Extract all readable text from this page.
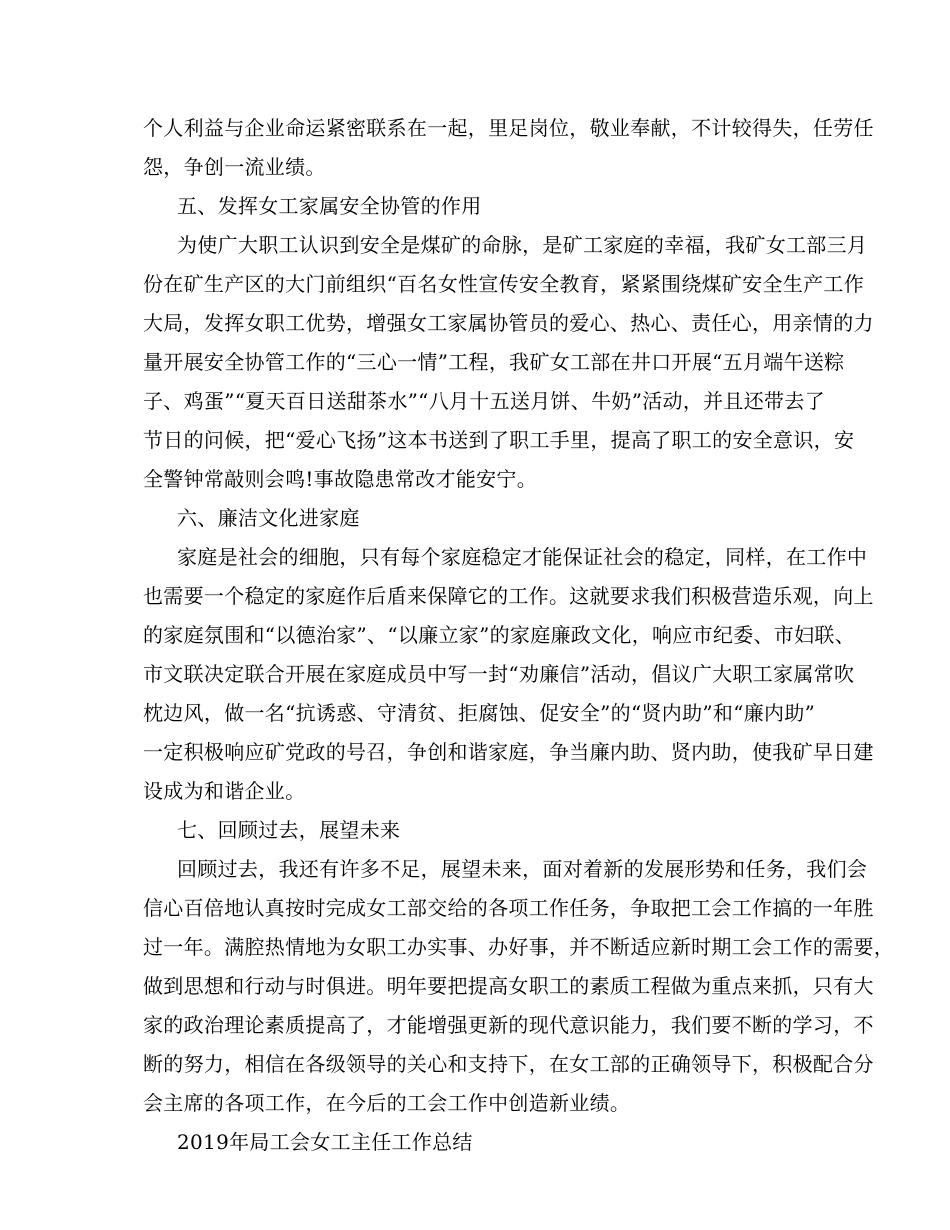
个人利益与企业命运紧密联系在一起，里足岗位，敬业奉献，不计较得失，任劳任
怨，争创一流业绩。
五、发挥女工家属安全协管的作用
为使广大职工认识到安全是煤矿的命脉，是矿工家庭的幸福，我矿女工部三月
份在矿生产区的大门前组织“百名女性宣传安全教育，紧紧围绕煤矿安全生产工作
大局，发挥女职工优势，增强女工家属协管员的爱心、热心、责任心，用亲情的力
量开展安全协管工作的“三心一情”工程，我矿女工部在井口开展“五月端午送粽
子、鸡蛋”“夏天百日送甜茶水”“八月十五送月饼、牛奶”活动，并且还带去了
节日的问候，把“爱心飞扬”这本书送到了职工手里，提高了职工的安全意识，安
全警钟常敲则会鸣!事故隐患常改才能安宁。
六、廉洁文化进家庭
家庭是社会的细胞，只有每个家庭稳定才能保证社会的稳定，同样，在工作中
也需要一个稳定的家庭作后盾来保障它的工作。这就要求我们积极营造乐观，向上
的家庭氛围和“以德治家”、“以廉立家”的家庭廉政文化，响应市纪委、市妇联、
市文联决定联合开展在家庭成员中写一封“劝廉信”活动，倡议广大职工家属常吹
枕边风，做一名“抗诱惑、守清贫、拒腐蚀、促安全”的“贤内助”和“廉内助”
一定积极响应矿党政的号召，争创和谐家庭，争当廉内助、贤内助，使我矿早日建
设成为和谐企业。
七、回顾过去，展望未来
回顾过去，我还有许多不足，展望未来，面对着新的发展形势和任务，我们会
信心百倍地认真按时完成女工部交给的各项工作任务，争取把工会工作搞的一年胜
过一年。满腔热情地为女职工办实事、办好事，并不断适应新时期工会工作的需要，
做到思想和行动与时俱进。明年要把提高女职工的素质工程做为重点来抓，只有大
家的政治理论素质提高了，才能增强更新的现代意识能力，我们要不断的学习，不
断的努力，相信在各级领导的关心和支持下，在女工部的正确领导下，积极配合分
会主席的各项工作，在今后的工会工作中创造新业绩。
2019年局工会女工主任工作总结
